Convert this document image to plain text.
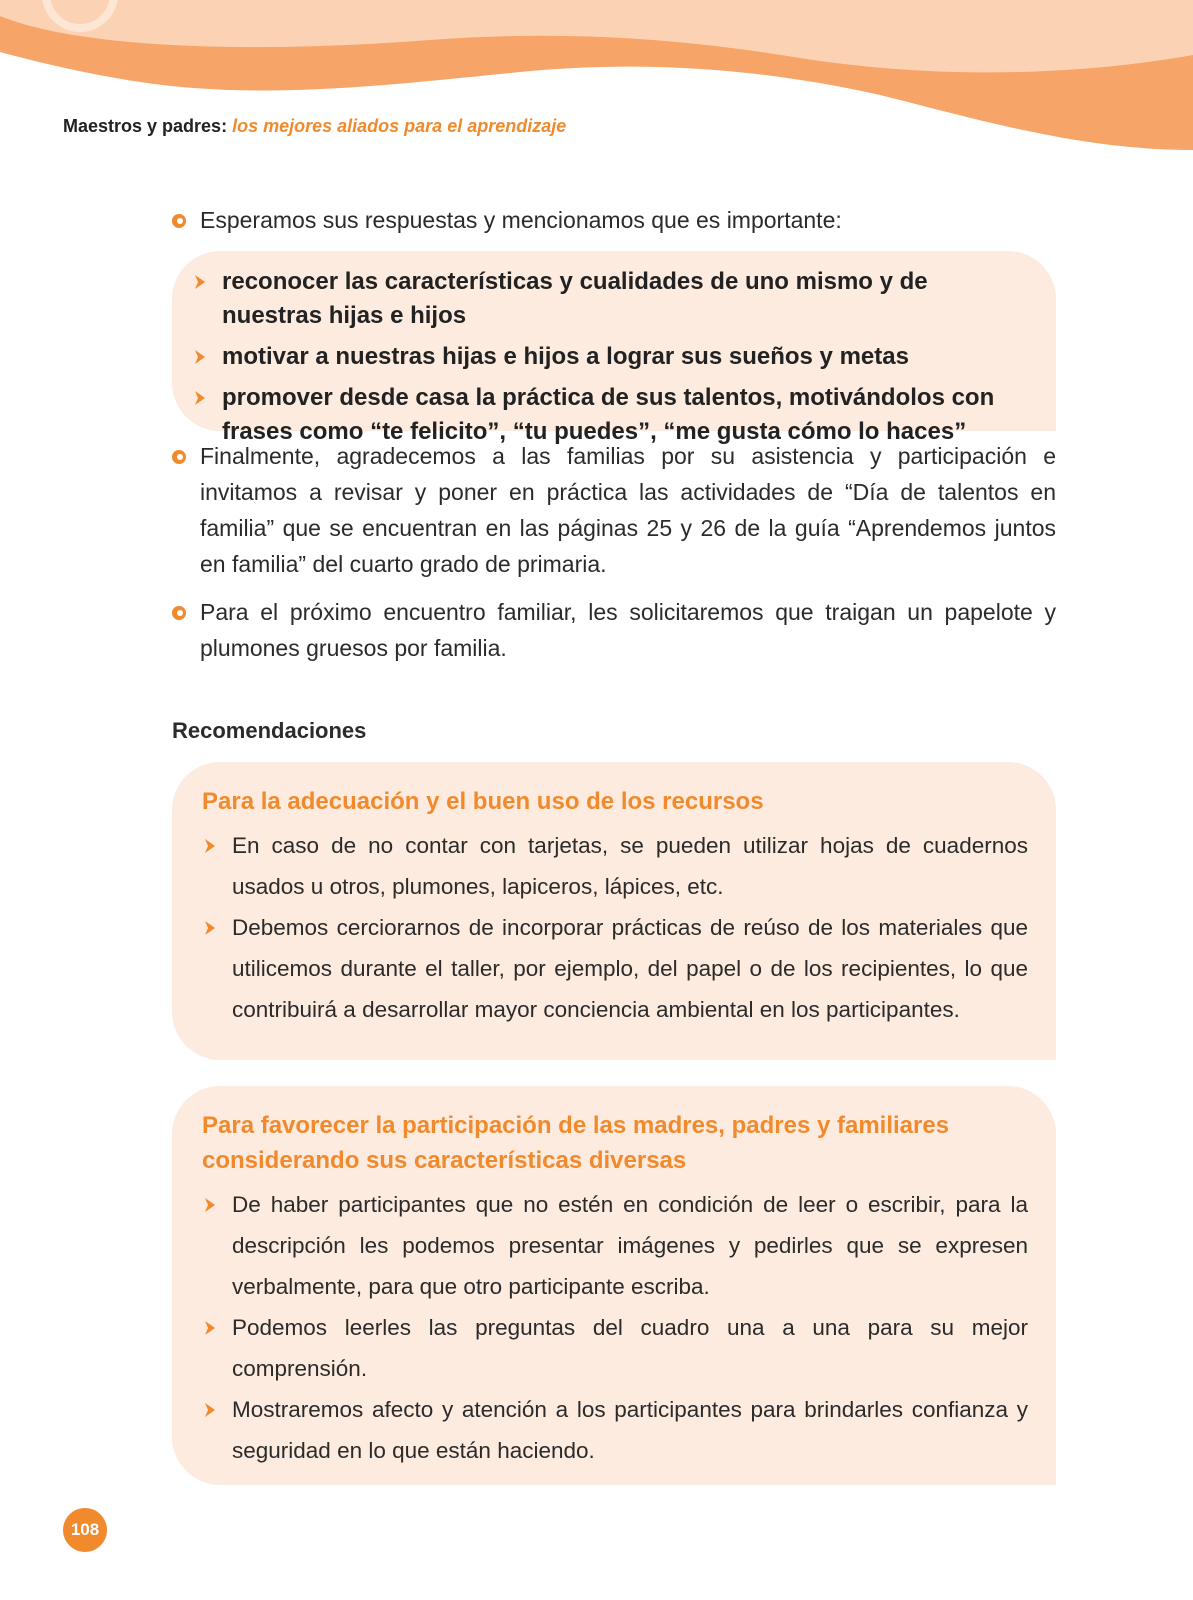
Maestros y padres: los mejores aliados para el aprendizaje

Esperamos sus respuestas y mencionamos que es importante:
reconocer las características y cualidades de uno mismo y de nuestras hijas e hijos
motivar a nuestras hijas e hijos a lograr sus sueños y metas
promover desde casa la práctica de sus talentos, motivándolos con frases como “te felicito”, “tu puedes”, “me gusta cómo lo haces”
Finalmente, agradecemos a las familias por su asistencia y participación e invitamos a revisar y poner en práctica las actividades de “Día de talentos en familia” que se encuentran en las páginas 25 y 26 de la guía “Aprendemos juntos en familia” del cuarto grado de primaria.
Para el próximo encuentro familiar, les solicitaremos que traigan un papelote y plumones gruesos por familia.
Recomendaciones
Para la adecuación y el buen uso de los recursos
En caso de no contar con tarjetas, se pueden utilizar hojas de cuadernos usados u otros, plumones, lapiceros, lápices, etc.
Debemos cerciorarnos de incorporar prácticas de reúso de los materiales que utilicemos durante el taller, por ejemplo, del papel o de los recipientes, lo que contribuirá a desarrollar mayor conciencia ambiental en los participantes.
Para favorecer la participación de las madres, padres y familiares considerando sus características diversas
De haber participantes que no estén en condición de leer o escribir, para la descripción les podemos presentar imágenes y pedirles que se expresen verbalmente, para que otro participante escriba.
Podemos leerles las preguntas del cuadro una a una para su mejor comprensión.
Mostraremos afecto y atención a los participantes para brindarles confianza y seguridad en lo que están haciendo.
108
